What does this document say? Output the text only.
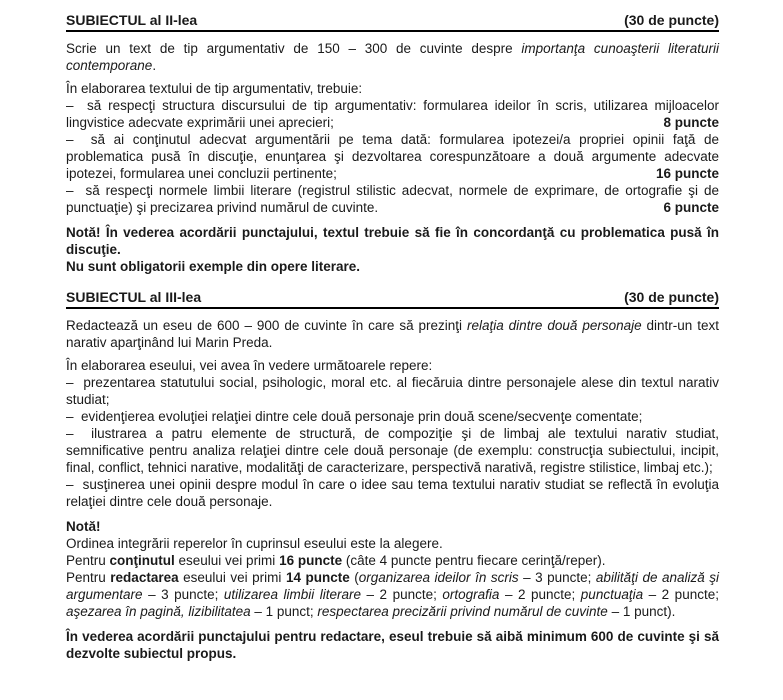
SUBIECTUL al II-lea	(30 de puncte)

Scrie un text de tip argumentativ de 150 – 300 de cuvinte despre importanţa cunoaşterii literaturii contemporane.

În elaborarea textului de tip argumentativ, trebuie:

–  să respecţi structura discursului de tip argumentativ: formularea ideilor în scris, utilizarea mijloacelor lingvistice adecvate exprimării unei aprecieri;	8 puncte

–  să ai conţinutul adecvat argumentării pe tema dată: formularea ipotezei/a propriei opinii faţă de problematica pusă în discuţie, enunţarea şi dezvoltarea corespunzătoare a două argumente adecvate ipotezei, formularea unei concluzii pertinente;	16 puncte

–  să respecţi normele limbii literare (registrul stilistic adecvat, normele de exprimare, de ortografie şi de punctuaţie) şi precizarea privind numărul de cuvinte.	6 puncte

Notă! În vederea acordării punctajului, textul trebuie să fie în concordanţă cu problematica pusă în discuţie.

Nu sunt obligatorii exemple din opere literare.

SUBIECTUL al III-lea	(30 de puncte)

Redactează un eseu de 600 – 900 de cuvinte în care să prezinţi relaţia dintre două personaje dintr-un text narativ aparţinând lui Marin Preda.

În elaborarea eseului, vei avea în vedere următoarele repere:

–  prezentarea statutului social, psihologic, moral etc. al fiecăruia dintre personajele alese din textul narativ studiat;

–  evidenţierea evoluţiei relaţiei dintre cele două personaje prin două scene/secvenţe comentate;

–  ilustrarea a patru elemente de structură, de compoziţie şi de limbaj ale textului narativ studiat, semnificative pentru analiza relaţiei dintre cele două personaje (de exemplu: construcţia subiectului, incipit, final, conflict, tehnici narative, modalităţi de caracterizare, perspectivă narativă, registre stilistice, limbaj etc.);

–  susţinerea unei opinii despre modul în care o idee sau tema textului narativ studiat se reflectă în evoluţia relaţiei dintre cele două personaje.

Notă!

Ordinea integrării reperelor în cuprinsul eseului este la alegere.

Pentru conţinutul eseului vei primi 16 puncte (câte 4 puncte pentru fiecare cerinţă/reper).

Pentru redactarea eseului vei primi 14 puncte (organizarea ideilor în scris – 3 puncte; abilităţi de analiză şi argumentare – 3 puncte; utilizarea limbii literare – 2 puncte; ortografia – 2 puncte; punctuaţia – 2 puncte; aşezarea în pagină, lizibilitatea – 1 punct; respectarea precizării privind numărul de cuvinte – 1 punct).

În vederea acordării punctajului pentru redactare, eseul trebuie să aibă minimum 600 de cuvinte şi să dezvolte subiectul propus.
